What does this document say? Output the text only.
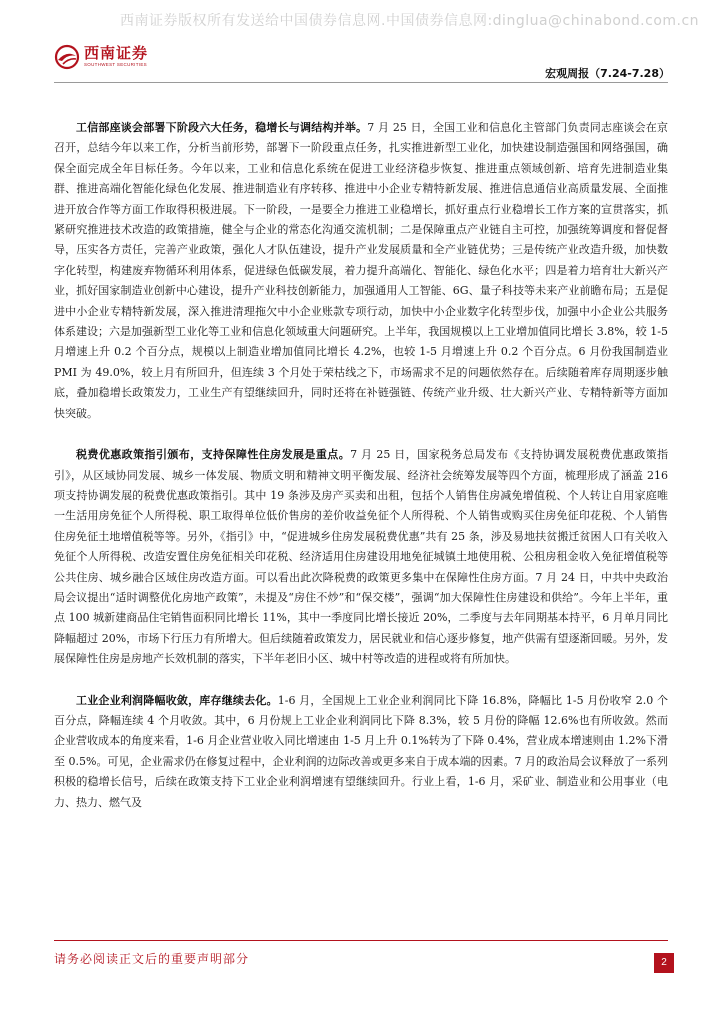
西南证券版权所有发送给中国债券信息网.中国债券信息网:dinglua@chinabond.com.cn
西南证券
SOUTHWEST SECURITIES
宏观周报（7.24-7.28）

工信部座谈会部署下阶段六大任务，稳增长与调结构并举。7 月 25 日，全国工业和信息化主管部门负责同志座谈会在京召开，总结今年以来工作，分析当前形势，部署下一阶段重点任务，扎实推进新型工业化，加快建设制造强国和网络强国，确保全面完成全年目标任务。今年以来，工业和信息化系统在促进工业经济稳步恢复、推进重点领域创新、培育先进制造业集群、推进高端化智能化绿色化发展、推进制造业有序转移、推进中小企业专精特新发展、推进信息通信业高质量发展、全面推进开放合作等方面工作取得积极进展。下一阶段，一是要全力推进工业稳增长，抓好重点行业稳增长工作方案的宣贯落实，抓紧研究推进技术改造的政策措施，健全与企业的常态化沟通交流机制；二是保障重点产业链自主可控，加强统筹调度和督促督导，压实各方责任，完善产业政策，强化人才队伍建设，提升产业发展质量和全产业链优势；三是传统产业改造升级，加快数字化转型，构建废弃物循环利用体系，促进绿色低碳发展，着力提升高端化、智能化、绿色化水平；四是着力培育壮大新兴产业，抓好国家制造业创新中心建设，提升产业科技创新能力，加强通用人工智能、6G、量子科技等未来产业前瞻布局；五是促进中小企业专精特新发展，深入推进清理拖欠中小企业账款专项行动，加快中小企业数字化转型步伐，加强中小企业公共服务体系建设；六是加强新型工业化等工业和信息化领域重大问题研究。上半年，我国规模以上工业增加值同比增长 3.8%，较 1-5 月增速上升 0.2 个百分点，规模以上制造业增加值同比增长 4.2%，也较 1-5 月增速上升 0.2 个百分点。6 月份我国制造业 PMI 为 49.0%，较上月有所回升，但连续 3 个月处于荣枯线之下，市场需求不足的问题依然存在。后续随着库存周期逐步触底，叠加稳增长政策发力，工业生产有望继续回升，同时还将在补链强链、传统产业升级、壮大新兴产业、专精特新等方面加快突破。

税费优惠政策指引颁布，支持保障性住房发展是重点。7 月 25 日，国家税务总局发布《支持协调发展税费优惠政策指引》，从区域协同发展、城乡一体发展、物质文明和精神文明平衡发展、经济社会统筹发展等四个方面，梳理形成了涵盖 216 项支持协调发展的税费优惠政策指引。其中 19 条涉及房产买卖和出租，包括个人销售住房减免增值税、个人转让自用家庭唯一生活用房免征个人所得税、职工取得单位低价售房的差价收益免征个人所得税、个人销售或购买住房免征印花税、个人销售住房免征土地增值税等等。另外，《指引》中，“促进城乡住房发展税费优惠”共有 25 条，涉及易地扶贫搬迁贫困人口有关收入免征个人所得税、改造安置住房免征相关印花税、经济适用住房建设用地免征城镇土地使用税、公租房租金收入免征增值税等公共住房、城乡融合区域住房改造方面。可以看出此次降税费的政策更多集中在保障性住房方面。7 月 24 日，中共中央政治局会议提出“适时调整优化房地产政策”，未提及“房住不炒”和“保交楼”，强调“加大保障性住房建设和供给”。今年上半年，重点 100 城新建商品住宅销售面积同比增长 11%，其中一季度同比增长接近 20%，二季度与去年同期基本持平，6 月单月同比降幅超过 20%，市场下行压力有所增大。但后续随着政策发力，居民就业和信心逐步修复，地产供需有望逐渐回暖。另外，发展保障性住房是房地产长效机制的落实，下半年老旧小区、城中村等改造的进程或将有所加快。

工业企业利润降幅收敛，库存继续去化。1-6 月，全国规上工业企业利润同比下降 16.8%，降幅比 1-5 月份收窄 2.0 个百分点，降幅连续 4 个月收敛。其中，6 月份规上工业企业利润同比下降 8.3%，较 5 月份的降幅 12.6%也有所收敛。然而企业营收成本的角度来看，1-6 月企业营业收入同比增速由 1-5 月上升 0.1%转为了下降 0.4%，营业成本增速则由 1.2%下滑至 0.5%。可见，企业需求仍在修复过程中，企业利润的边际改善或更多来自于成本端的因素。7 月的政治局会议释放了一系列积极的稳增长信号，后续在政策支持下工业企业利润增速有望继续回升。行业上看，1-6 月，采矿业、制造业和公用事业（电力、热力、燃气及

请务必阅读正文后的重要声明部分	2
